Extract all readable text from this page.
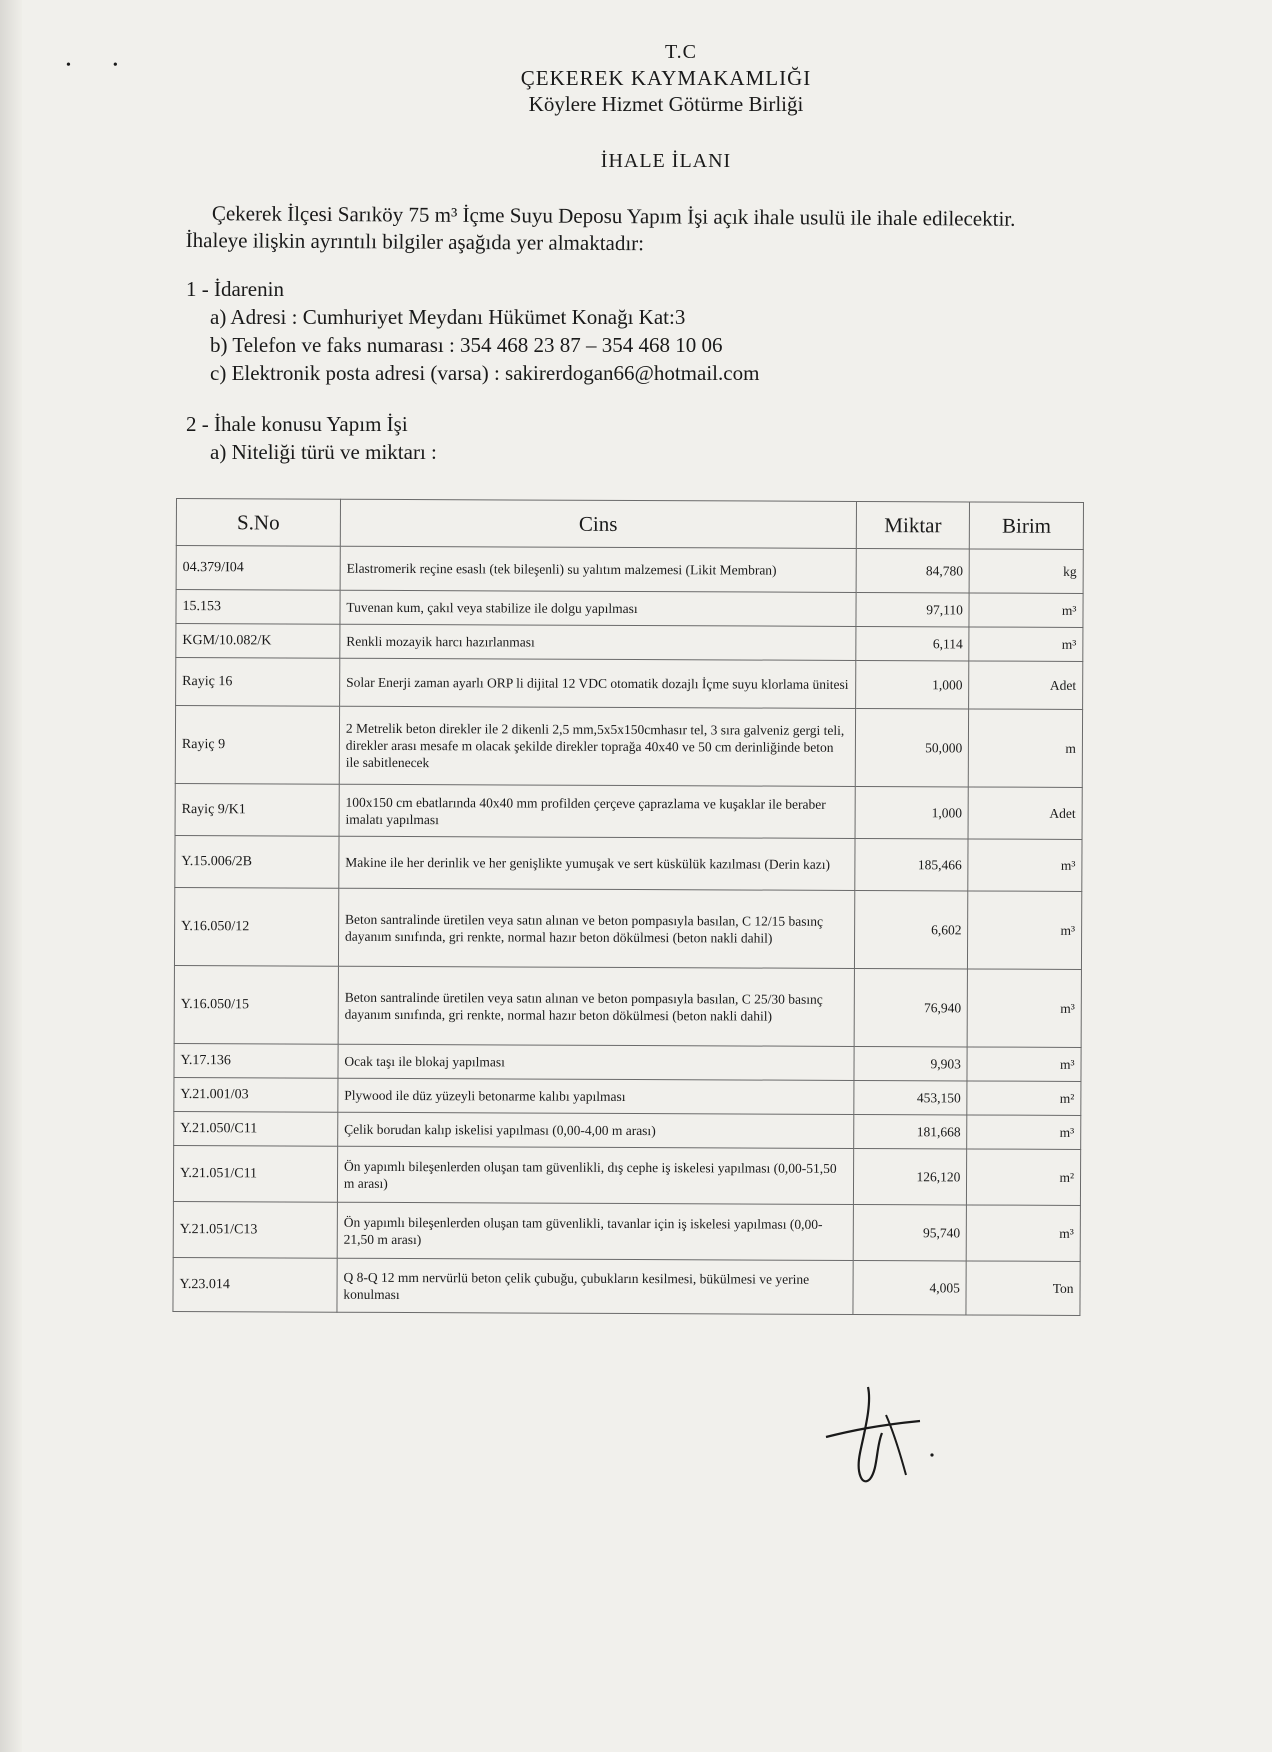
•            •
T.C
ÇEKEREK KAYMAKAMLIĞI
Köylere Hizmet Götürme Birliği
İHALE İLANI
Çekerek İlçesi Sarıköy 75 m³ İçme Suyu Deposu Yapım İşi açık ihale usulü ile ihale edilecektir. İhaleye ilişkin ayrıntılı bilgiler aşağıda yer almaktadır:
1 - İdarenin
a) Adresi : Cumhuriyet Meydanı Hükümet Konağı Kat:3
b) Telefon ve faks numarası : 354 468 23 87 – 354 468 10 06
c) Elektronik posta adresi (varsa) : sakirerdogan66@hotmail.com
2 - İhale konusu Yapım İşi
a) Niteliği türü ve miktarı :
S.No	Cins	Miktar	Birim
04.379/I04	Elastromerik reçine esaslı (tek bileşenli) su yalıtım malzemesi (Likit Membran)	84,780	kg
15.153	Tuvenan kum, çakıl veya stabilize ile dolgu yapılması	97,110	m³
KGM/10.082/K	Renkli mozayik harcı hazırlanması	6,114	m³
Rayiç 16	Solar Enerji zaman ayarlı ORP li dijital 12 VDC otomatik dozajlı İçme suyu klorlama ünitesi	1,000	Adet
Rayiç 9	2 Metrelik beton direkler ile 2 dikenli 2,5 mm,5x5x150cmhasır tel, 3 sıra galveniz gergi teli, direkler arası mesafe m olacak şekilde direkler toprağa 40x40 ve 50 cm derinliğinde beton ile sabitlenecek	50,000	m
Rayiç 9/K1	100x150 cm ebatlarında 40x40 mm profilden çerçeve çaprazlama ve kuşaklar ile beraber imalatı yapılması	1,000	Adet
Y.15.006/2B	Makine ile her derinlik ve her genişlikte yumuşak ve sert küskülük kazılması (Derin kazı)	185,466	m³
Y.16.050/12	Beton santralinde üretilen veya satın alınan ve beton pompasıyla basılan, C 12/15 basınç dayanım sınıfında, gri renkte, normal hazır beton dökülmesi (beton nakli dahil)	6,602	m³
Y.16.050/15	Beton santralinde üretilen veya satın alınan ve beton pompasıyla basılan, C 25/30 basınç dayanım sınıfında, gri renkte, normal hazır beton dökülmesi (beton nakli dahil)	76,940	m³
Y.17.136	Ocak taşı ile blokaj yapılması	9,903	m³
Y.21.001/03	Plywood ile düz yüzeyli betonarme kalıbı yapılması	453,150	m²
Y.21.050/C11	Çelik borudan kalıp iskelisi yapılması (0,00-4,00 m arası)	181,668	m³
Y.21.051/C11	Ön yapımlı bileşenlerden oluşan tam güvenlikli, dış cephe iş iskelesi yapılması (0,00-51,50 m arası)	126,120	m²
Y.21.051/C13	Ön yapımlı bileşenlerden oluşan tam güvenlikli, tavanlar için iş iskelesi yapılması (0,00-21,50 m arası)	95,740	m³
Y.23.014	Q 8-Q 12 mm nervürlü beton çelik çubuğu, çubukların kesilmesi, bükülmesi ve yerine konulması	4,005	Ton
